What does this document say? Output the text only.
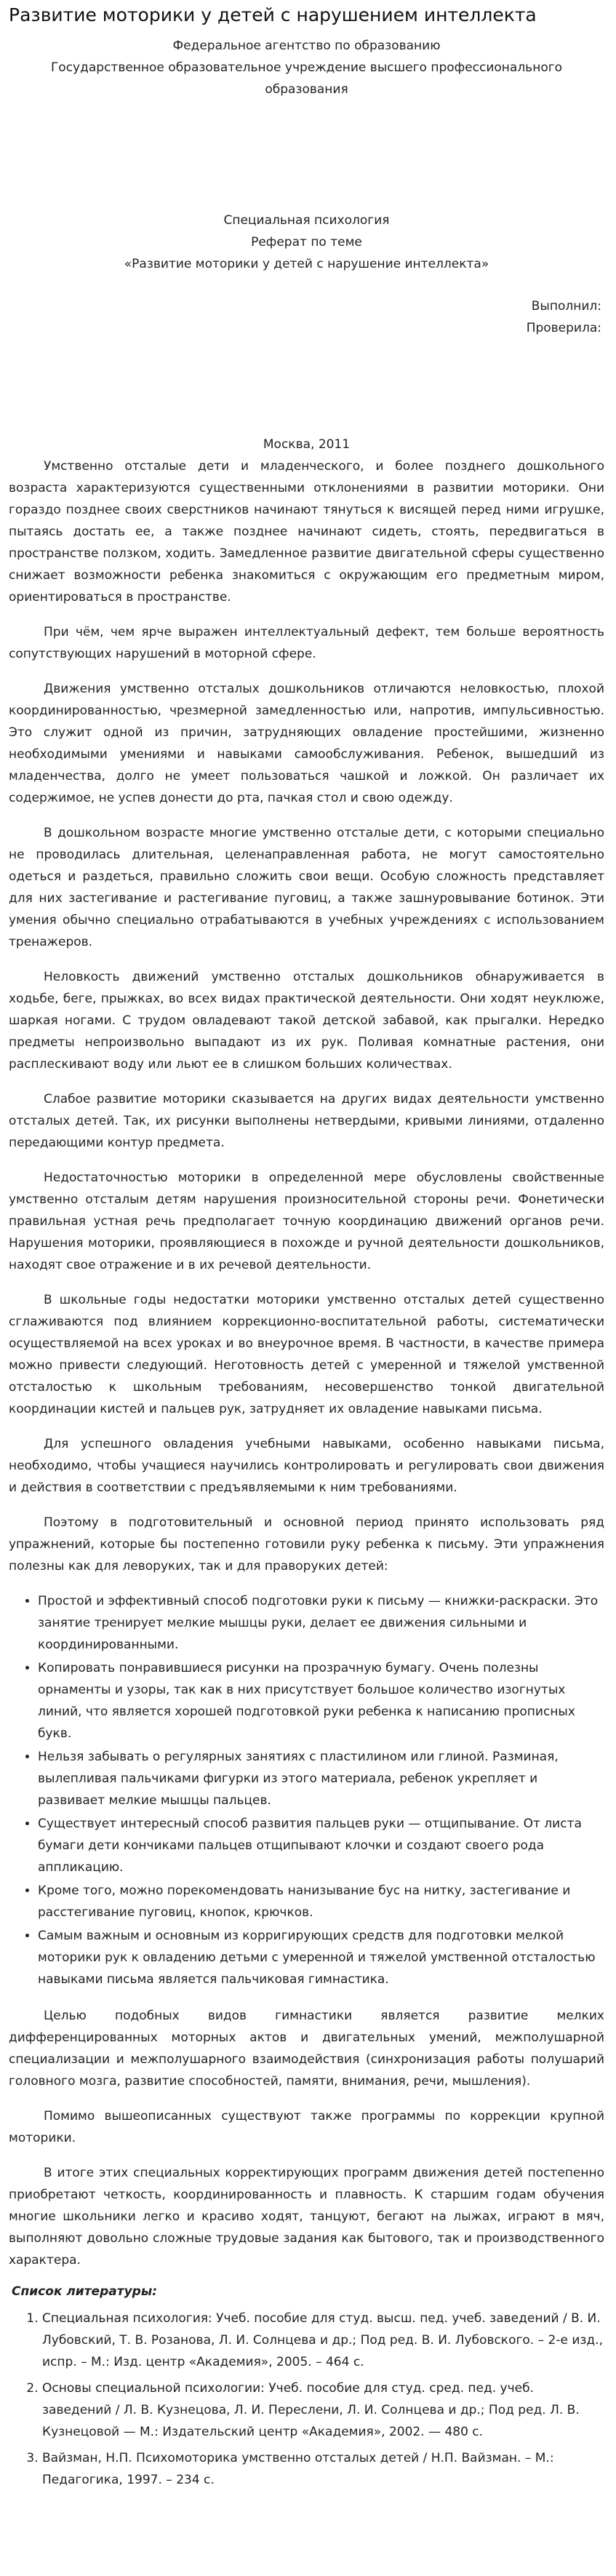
Развитие моторики у детей с нарушением интеллекта
Федеральное агентство по образованию
Государственное образовательное учреждение высшего профессионального образования
Специальная психология
Реферат по теме
«Развитие моторики у детей с нарушение интеллекта»
Выполнил:
Проверила:
Москва, 2011

Умственно отсталые дети и младенческого, и более позднего дошкольного возраста характеризуются существенными отклонениями в развитии моторики. Они гораздо позднее своих сверстников начинают тянуться к висящей перед ними игрушке, пытаясь достать ее, а также позднее начинают сидеть, стоять, передвигаться в пространстве ползком, ходить. Замедленное развитие двигательной сферы существенно снижает возможности ребенка знакомиться с окружающим его предметным миром, ориентироваться в пространстве.

При чём, чем ярче выражен интеллектуальный дефект, тем больше вероятность сопутствующих нарушений в моторной сфере.

Движения умственно отсталых дошкольников отличаются неловкостью, плохой координированностью, чрезмерной замедленностью или, напротив, импульсивностью. Это служит одной из причин, затрудняющих овладение простейшими, жизненно необходимыми умениями и навыками самообслуживания. Ребенок, вышедший из младенчества, долго не умеет пользоваться чашкой и ложкой. Он различает их содержимое, не успев донести до рта, пачкая стол и свою одежду.

В дошкольном возрасте многие умственно отсталые дети, с которыми специально не проводилась длительная, целенаправленная работа, не могут самостоятельно одеться и раздеться, правильно сложить свои вещи. Особую сложность представляет для них застегивание и растегивание пуговиц, а также зашнуровывание ботинок. Эти умения обычно специально отрабатываются в учебных учреждениях с использованием тренажеров.

Неловкость движений умственно отсталых дошкольников обнаруживается в ходьбе, беге, прыжках, во всех видах практической деятельности. Они ходят неуклюже, шаркая ногами. С трудом овладевают такой детской забавой, как прыгалки. Нередко предметы непроизвольно выпадают из их рук. Поливая комнатные растения, они расплескивают воду или льют ее в слишком больших количествах.

Слабое развитие моторики сказывается на других видах деятельности умственно отсталых детей. Так, их рисунки выполнены нетвердыми, кривыми линиями, отдаленно передающими контур предмета.

Недостаточностью моторики в определенной мере обусловлены свойственные умственно отсталым детям нарушения произносительной стороны речи. Фонетически правильная устная речь предполагает точную координацию движений органов речи. Нарушения моторики, проявляющиеся в похожде и ручной деятельности дошкольников, находят свое отражение и в их речевой деятельности.

В школьные годы недостатки моторики умственно отсталых детей существенно сглаживаются под влиянием коррекционно-воспитательной работы, систематически осуществляемой на всех уроках и во внеурочное время. В частности, в качестве примера можно привести следующий. Неготовность детей с умеренной и тяжелой умственной отсталостью к школьным требованиям, несовершенство тонкой двигательной координации кистей и пальцев рук, затрудняет их овладение навыками письма.

Для успешного овладения учебными навыками, особенно навыками письма, необходимо, чтобы учащиеся научились контролировать и регулировать свои движения и действия в соответствии с предъявляемыми к ним требованиями.

Поэтому в подготовительный и основной период принято использовать ряд упражнений, которые бы постепенно готовили руку ребенка к письму. Эти упражнения полезны как для леворуких, так и для праворуких детей:

• Простой и эффективный способ подготовки руки к письму — книжки-раскраски. Это занятие тренирует мелкие мышцы руки, делает ее движения сильными и координированными.
• Копировать понравившиеся рисунки на прозрачную бумагу. Очень полезны орнаменты и узоры, так как в них присутствует большое количество изогнутых линий, что является хорошей подготовкой руки ребенка к написанию прописных букв.
• Нельзя забывать о регулярных занятиях с пластилином или глиной. Разминая, вылепливая пальчиками фигурки из этого материала, ребенок укрепляет и развивает мелкие мышцы пальцев.
• Существует интересный способ развития пальцев руки — отщипывание. От листа бумаги дети кончиками пальцев отщипывают клочки и создают своего рода аппликацию.
• Кроме того, можно порекомендовать нанизывание бус на нитку, застегивание и расстегивание пуговиц, кнопок, крючков.
• Самым важным и основным из корригирующих средств для подготовки мелкой моторики рук к овладению детьми с умеренной и тяжелой умственной отсталостью навыками письма является пальчиковая гимнастика.

Целью подобных видов гимнастики является развитие мелких дифференцированных моторных актов и двигательных умений, межполушарной специализации и межполушарного взаимодействия (синхронизация работы полушарий головного мозга, развитие способностей, памяти, внимания, речи, мышления).

Помимо вышеописанных существуют также программы по коррекции крупной моторики.

В итоге этих специальных корректирующих программ движения детей постепенно приобретают четкость, координированность и плавность. К старшим годам обучения многие школьники легко и красиво ходят, танцуют, бегают на лыжах, играют в мяч, выполняют довольно сложные трудовые задания как бытового, так и производственного характера.

Список литературы:
1. Специальная психология: Учеб. пособие для студ. высш. пед. учеб. заведений / В. И. Лубовский, Т. В. Розанова, Л. И. Солнцева и др.; Под ред. В. И. Лубовского. – 2-е изд., испр. – М.: Изд. центр «Академия», 2005. – 464 с.
2. Основы специальной психологии: Учеб. пособие для студ. сред. пед. учеб. заведений / Л. В. Кузнецова, Л. И. Переслени, Л. И. Солнцева и др.; Под ред. Л. В. Кузнецовой — М.: Издательский центр «Академия», 2002. — 480 с.
3. Вайзман, Н.П. Психомоторика умственно отсталых детей / Н.П. Вайзман. – М.: Педагогика, 1997. – 234 с.
